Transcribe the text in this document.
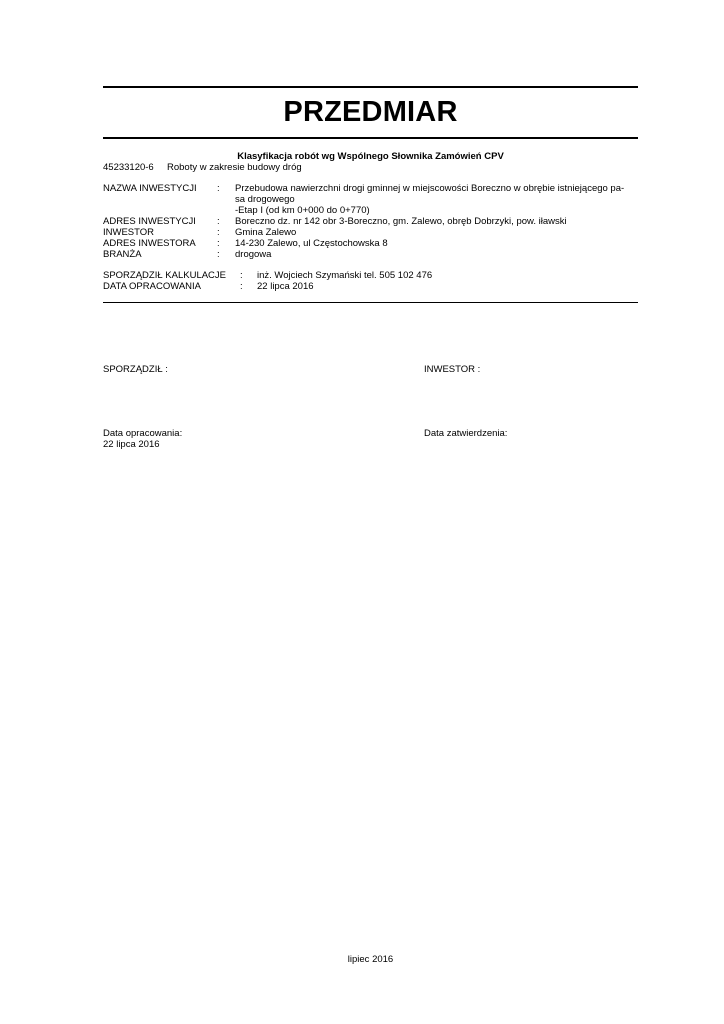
PRZEDMIAR
Klasyfikacja robót wg Wspólnego Słownika Zamówień CPV
45233120-6 Roboty w zakresie budowy dróg
NAZWA INWESTYCJI : Przebudowa nawierzchni drogi gminnej w miejscowości Boreczno w obrębie istniejącego pa-
sa drogowego
-Etap I (od km 0+000 do 0+770)
ADRES INWESTYCJI : Boreczno dz. nr 142 obr 3-Boreczno, gm. Zalewo, obręb Dobrzyki, pow. iławski
INWESTOR	: Gmina Zalewo
ADRES INWESTORA : 14-230 Zalewo, ul Częstochowska 8
BRANŻA	: drogowa
SPORZĄDZIŁ KALKULACJE : inż. Wojciech Szymański tel. 505 102 476
DATA OPRACOWANIA	: 22 lipca 2016
SPORZĄDZIŁ :	INWESTOR :
Data opracowania:
22 lipca 2016
Data zatwierdzenia:
lipiec 2016
